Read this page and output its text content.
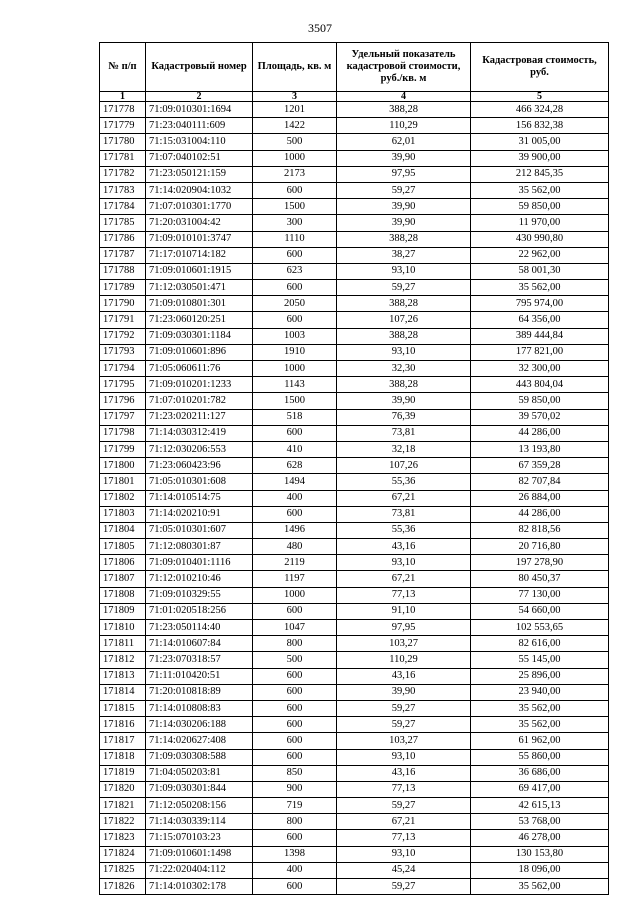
3507
№ п/п	Кадастровый номер	Площадь, кв. м	Удельный показатель кадастровой стоимости, руб./кв. м	Кадастровая стоимость, руб.
1	2	3	4	5
171778	71:09:010301:1694	1201	388,28	466 324,28
171779	71:23:040111:609	1422	110,29	156 832,38
171780	71:15:031004:110	500	62,01	31 005,00
171781	71:07:040102:51	1000	39,90	39 900,00
171782	71:23:050121:159	2173	97,95	212 845,35
171783	71:14:020904:1032	600	59,27	35 562,00
171784	71:07:010301:1770	1500	39,90	59 850,00
171785	71:20:031004:42	300	39,90	11 970,00
171786	71:09:010101:3747	1110	388,28	430 990,80
171787	71:17:010714:182	600	38,27	22 962,00
171788	71:09:010601:1915	623	93,10	58 001,30
171789	71:12:030501:471	600	59,27	35 562,00
171790	71:09:010801:301	2050	388,28	795 974,00
171791	71:23:060120:251	600	107,26	64 356,00
171792	71:09:030301:1184	1003	388,28	389 444,84
171793	71:09:010601:896	1910	93,10	177 821,00
171794	71:05:060611:76	1000	32,30	32 300,00
171795	71:09:010201:1233	1143	388,28	443 804,04
171796	71:07:010201:782	1500	39,90	59 850,00
171797	71:23:020211:127	518	76,39	39 570,02
171798	71:14:030312:419	600	73,81	44 286,00
171799	71:12:030206:553	410	32,18	13 193,80
171800	71:23:060423:96	628	107,26	67 359,28
171801	71:05:010301:608	1494	55,36	82 707,84
171802	71:14:010514:75	400	67,21	26 884,00
171803	71:14:020210:91	600	73,81	44 286,00
171804	71:05:010301:607	1496	55,36	82 818,56
171805	71:12:080301:87	480	43,16	20 716,80
171806	71:09:010401:1116	2119	93,10	197 278,90
171807	71:12:010210:46	1197	67,21	80 450,37
171808	71:09:010329:55	1000	77,13	77 130,00
171809	71:01:020518:256	600	91,10	54 660,00
171810	71:23:050114:40	1047	97,95	102 553,65
171811	71:14:010607:84	800	103,27	82 616,00
171812	71:23:070318:57	500	110,29	55 145,00
171813	71:11:010420:51	600	43,16	25 896,00
171814	71:20:010818:89	600	39,90	23 940,00
171815	71:14:010808:83	600	59,27	35 562,00
171816	71:14:030206:188	600	59,27	35 562,00
171817	71:14:020627:408	600	103,27	61 962,00
171818	71:09:030308:588	600	93,10	55 860,00
171819	71:04:050203:81	850	43,16	36 686,00
171820	71:09:030301:844	900	77,13	69 417,00
171821	71:12:050208:156	719	59,27	42 615,13
171822	71:14:030339:114	800	67,21	53 768,00
171823	71:15:070103:23	600	77,13	46 278,00
171824	71:09:010601:1498	1398	93,10	130 153,80
171825	71:22:020404:112	400	45,24	18 096,00
171826	71:14:010302:178	600	59,27	35 562,00
